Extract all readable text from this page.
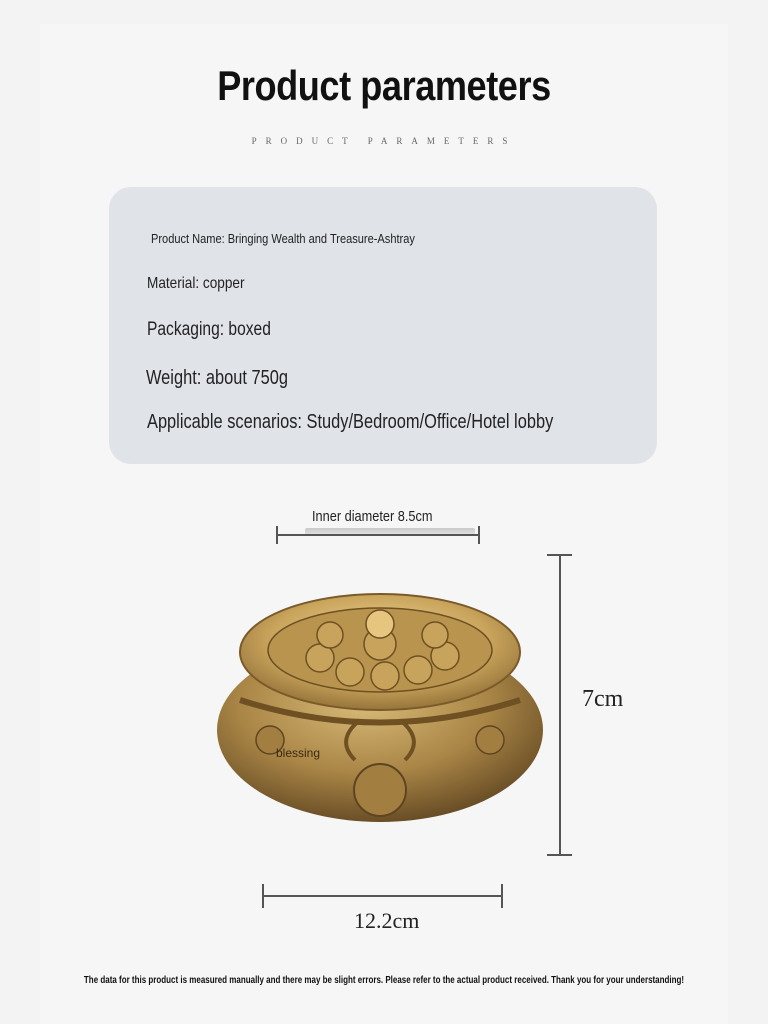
Product parameters
PRODUCT PARAMETERS
Product Name: Bringing Wealth and Treasure-Ashtray
Material: copper
Packaging: boxed
Weight: about 750g
Applicable scenarios: Study/Bedroom/Office/Hotel lobby
Inner diameter 8.5cm
7cm
12.2cm
blessing
The data for this product is measured manually and there may be slight errors. Please refer to the actual product received. Thank you for your understanding!
